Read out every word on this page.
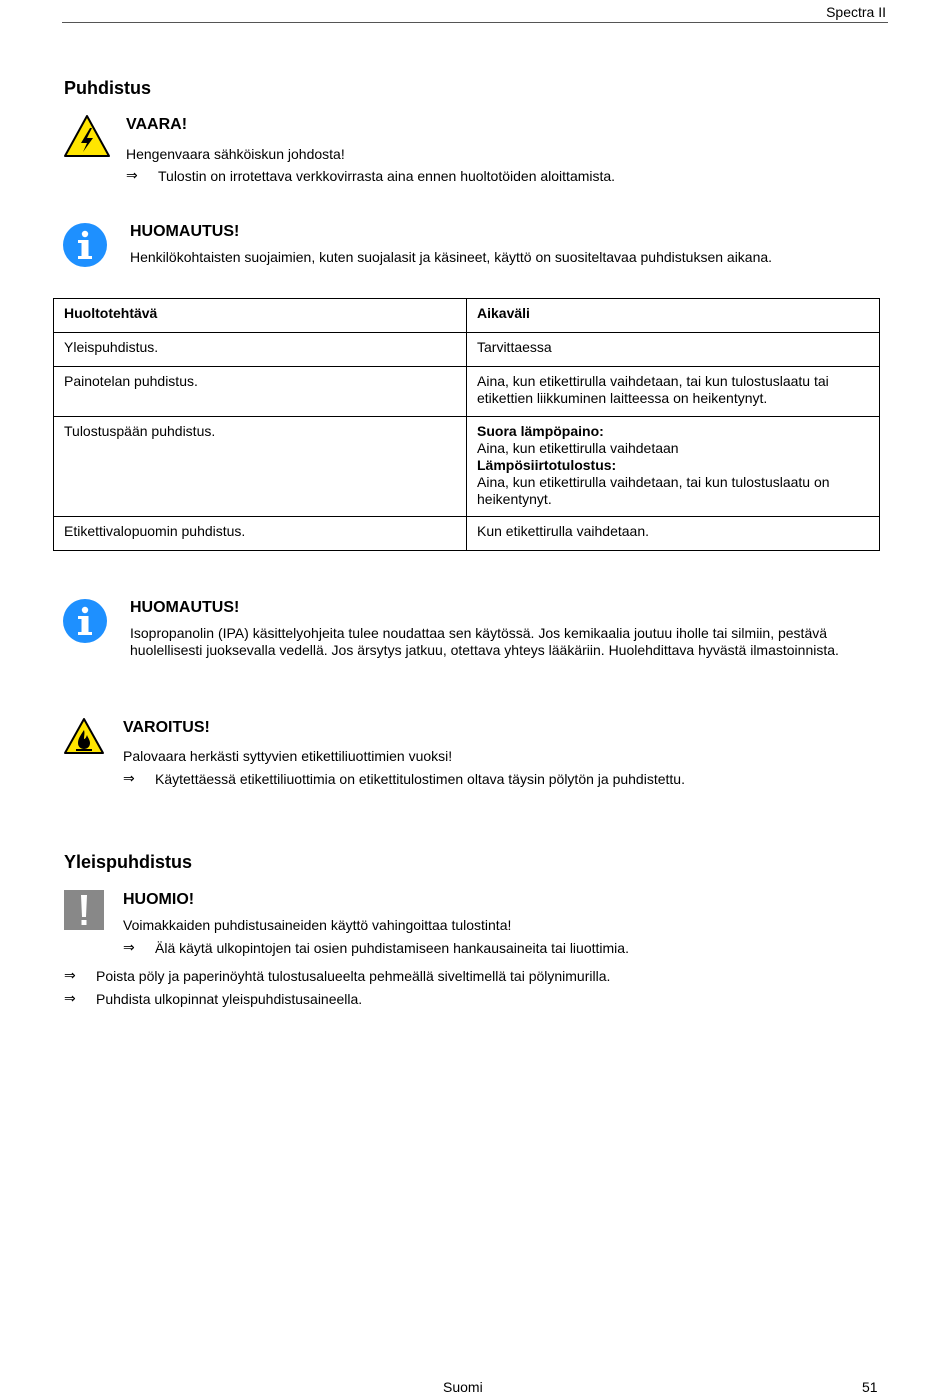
Spectra II
Puhdistus
VAARA!
Hengenvaara sähköiskun johdosta!
⇒ Tulostin on irrotettava verkkovirrasta aina ennen huoltotöiden aloittamista.
HUOMAUTUS!
Henkilökohtaisten suojaimien, kuten suojalasit ja käsineet, käyttö on suositeltavaa puhdistuksen aikana.
Huoltotehtävä	Aikaväli
Yleispuhdistus.	Tarvittaessa
Painotelan puhdistus.	Aina, kun etikettirulla vaihdetaan, tai kun tulostuslaatu tai etikettien liikkuminen laitteessa on heikentynyt.
Tulostuspään puhdistus.	Suora lämpöpaino:
Aina, kun etikettirulla vaihdetaan
Lämpösiirtotulostus:
Aina, kun etikettirulla vaihdetaan, tai kun tulostuslaatu on heikentynyt.

Etikettivalopuomin puhdistus.	Kun etikettirulla vaihdetaan.
HUOMAUTUS!
Isopropanolin (IPA) käsittelyohjeita tulee noudattaa sen käytössä. Jos kemikaalia joutuu iholle tai silmiin, pestävä
huolellisesti juoksevalla vedellä. Jos ärsytys jatkuu, otettava yhteys lääkäriin. Huolehdittava hyvästä ilmastoinnista.
VAROITUS!
Palovaara herkästi syttyvien etikettiliuottimien vuoksi!
⇒ Käytettäessä etikettiliuottimia on etikettitulostimen oltava täysin pölytön ja puhdistettu.
Yleispuhdistus
HUOMIO!
Voimakkaiden puhdistusaineiden käyttö vahingoittaa tulostinta!
⇒ Älä käytä ulkopintojen tai osien puhdistamiseen hankausaineita tai liuottimia.
⇒ Poista pöly ja paperinöyhtä tulostusalueelta pehmeällä siveltimellä tai pölynimurilla.
⇒ Puhdista ulkopinnat yleispuhdistusaineella.
Suomi	51
